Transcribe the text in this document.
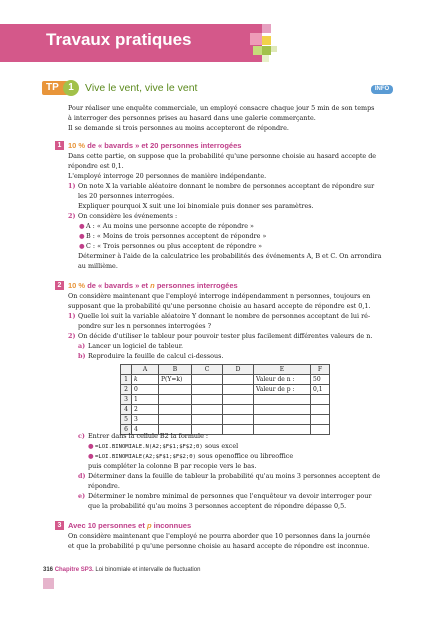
Travaux pratiques
TP 1	Vive le vent, vive le vent	INFO
Pour réaliser une enquête commerciale, un employé consacre chaque jour 5 min de son temps
à interroger des personnes prises au hasard dans une galerie commerçante.
Il se demande si trois personnes au moins accepteront de répondre.
1 10 % de « bavards » et 20 personnes interrogées
Dans cette partie, on suppose que la probabilité qu'une personne choisie au hasard accepte de
répondre est 0,1.
L'employé interroge 20 personnes de manière indépendante.
1) On note X la variable aléatoire donnant le nombre de personnes acceptant de répondre sur
les 20 personnes interrogées.
Expliquer pourquoi X suit une loi binomiale puis donner ses paramètres.
2) On considère les événements :
● A : « Au moins une personne accepte de répondre »
● B : « Moins de trois personnes acceptent de répondre »
● C : « Trois personnes ou plus acceptent de répondre »
Déterminer à l'aide de la calculatrice les probabilités des événements A, B et C. On arrondira
au millième.
2 10 % de « bavards » et n personnes interrogées
On considère maintenant que l'employé interroge indépendamment n personnes, toujours en
supposant que la probabilité qu'une personne choisie au hasard accepte de répondre est 0,1.
1) Quelle loi suit la variable aléatoire Y donnant le nombre de personnes acceptant de lui ré-
pondre sur les n personnes interrogées ?
2) On décide d'utiliser le tableur pour pouvoir tester plus facilement différentes valeurs de n.
a) Lancer un logiciel de tableur.
b) Reproduire la feuille de calcul ci-dessous.
	A	B	C	D	E	F
1	k	P(Y=k)			Valeur de n :	50
2	0				Valeur de p :	0,1
3	1					
4	2					
5	3					
6	4					
c) Entrer dans la cellule B2 la formule :
● =LOI.BINOMIALE.N(A2;$F$1;$F$2;0) sous excel
● =LOI.BINOMIALE(A2;$F$1;$F$2;0) sous openoffice ou libreoffice
puis compléter la colonne B par recopie vers le bas.
d) Déterminer dans la feuille de tableur la probabilité qu'au moins 3 personnes acceptent de
répondre.
e) Déterminer le nombre minimal de personnes que l'enquêteur va devoir interroger pour
que la probabilité qu'au moins 3 personnes acceptent de répondre dépasse 0,5.
3 Avec 10 personnes et p inconnues
On considère maintenant que l'employé ne pourra aborder que 10 personnes dans la journée
et que la probabilité p qu'une personne choisie au hasard accepte de répondre est inconnue.
316 Chapitre SP3. Loi binomiale et intervalle de fluctuation
